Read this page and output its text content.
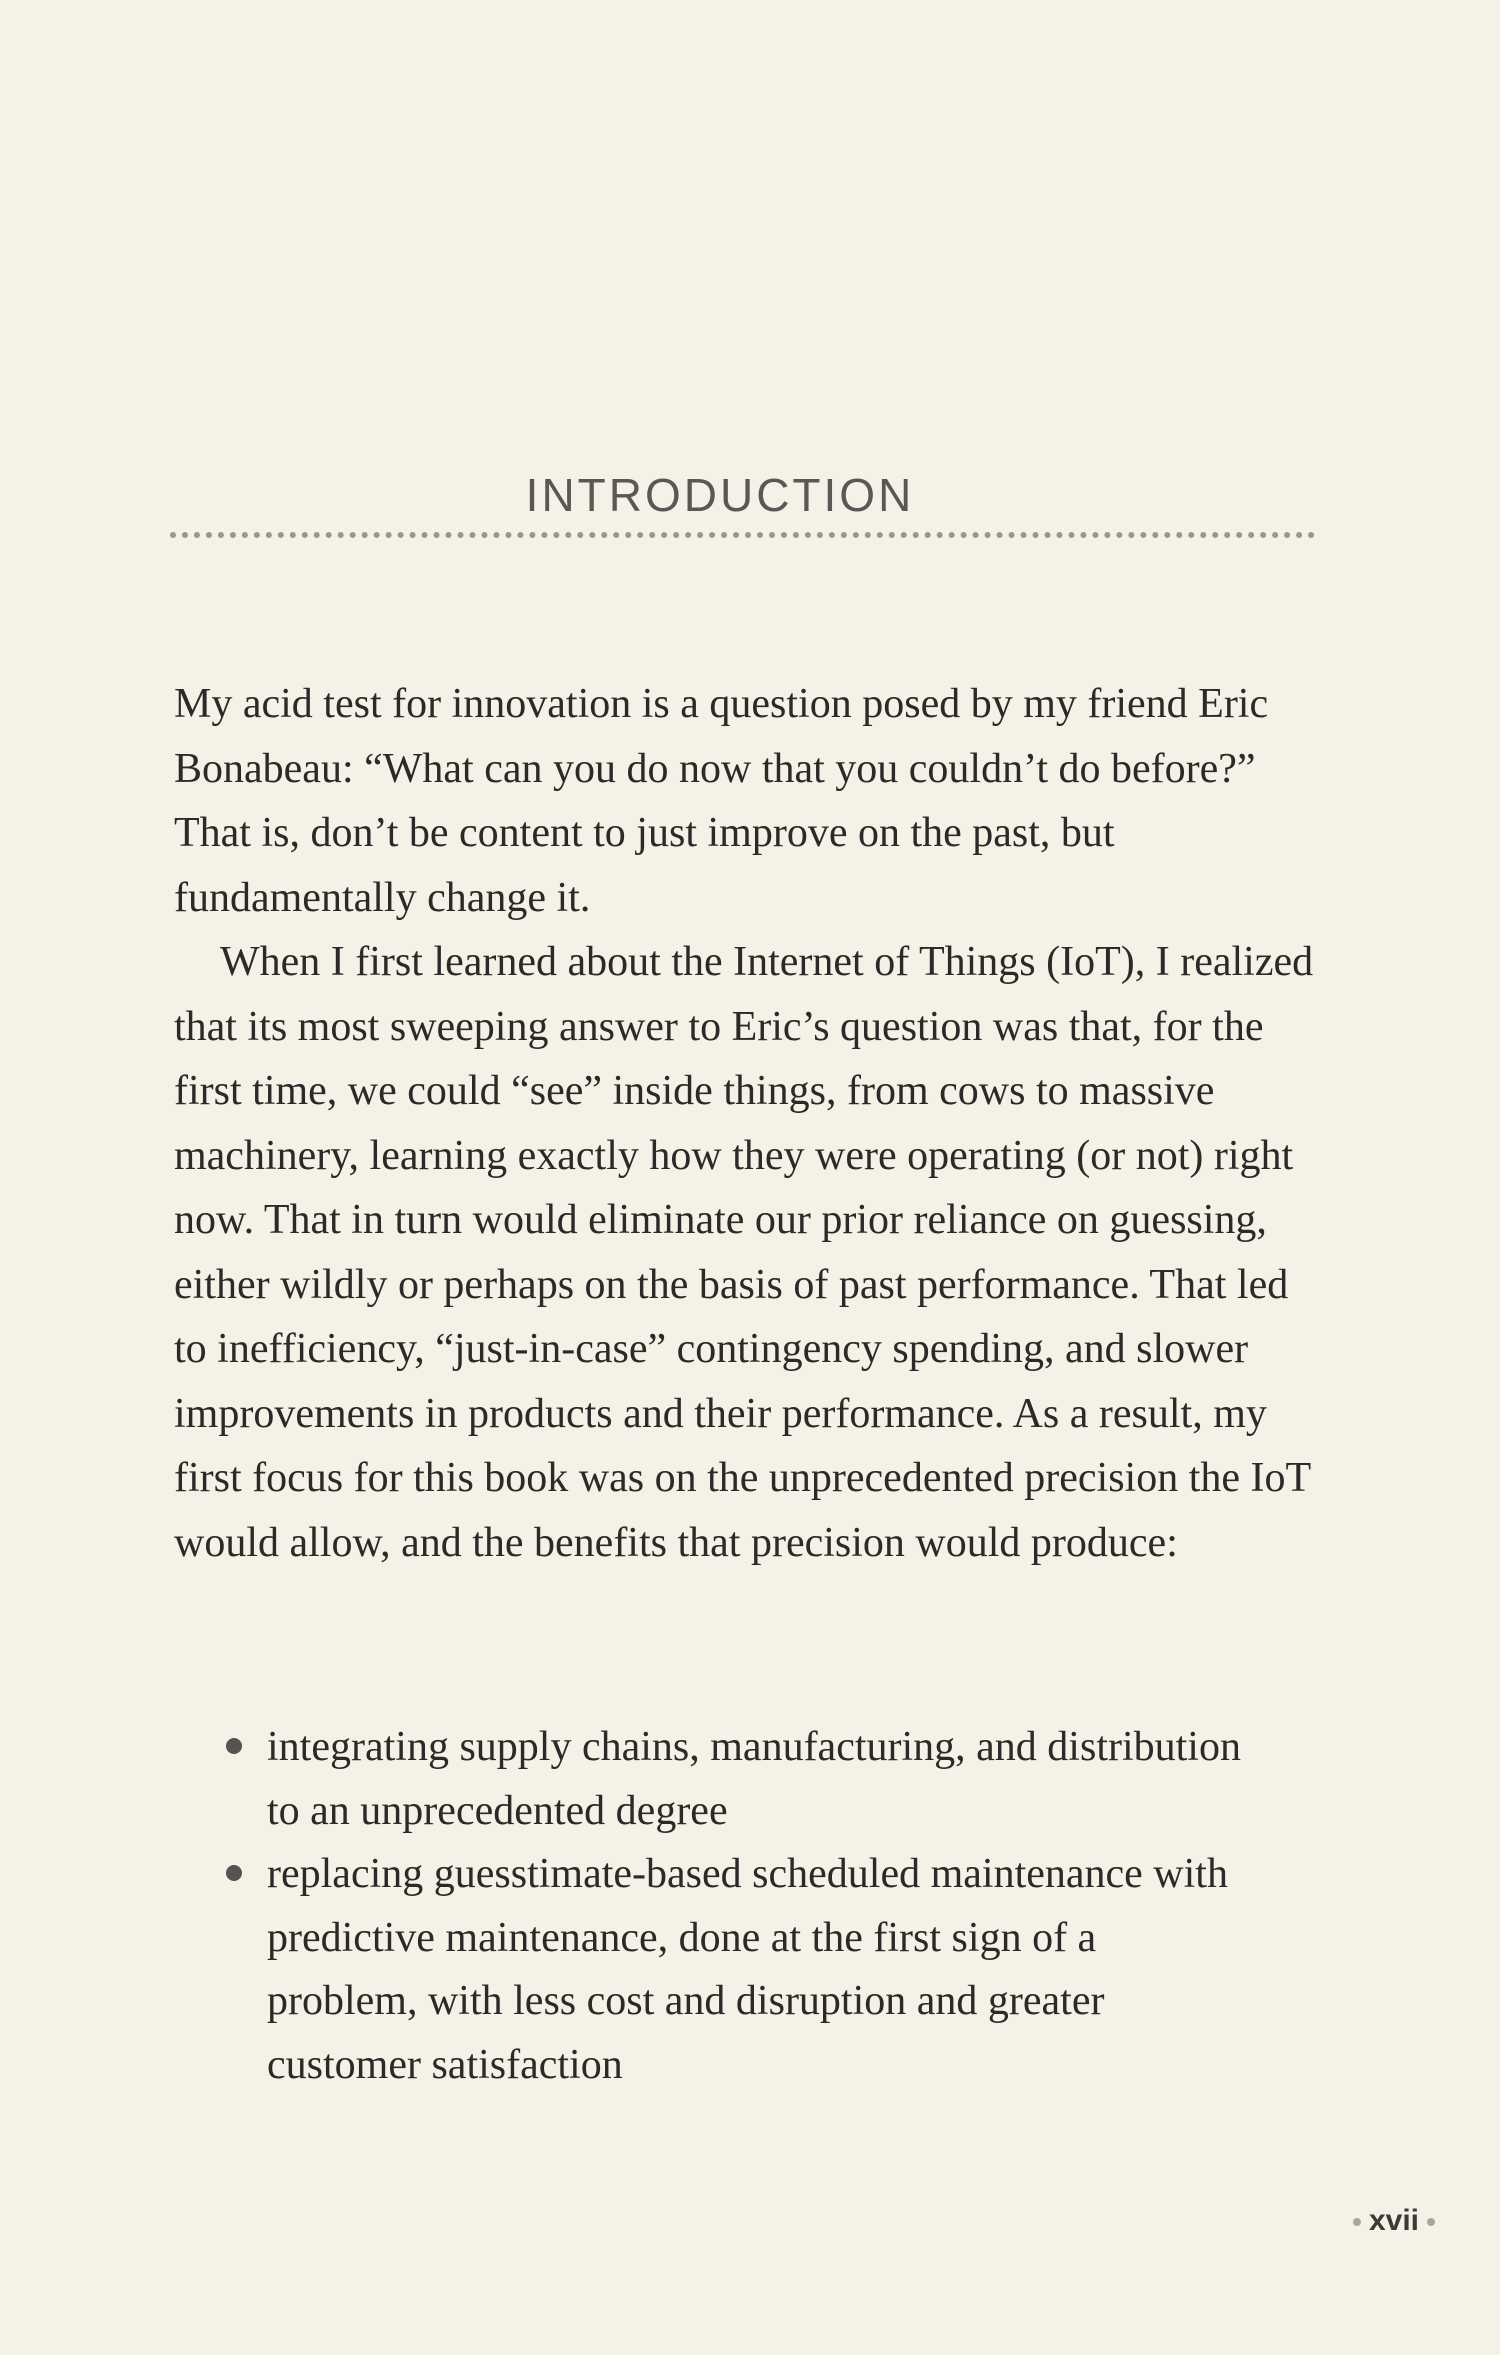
INTRODUCTION

My acid test for innovation is a question posed by my friend Eric Bonabeau: “What can you do now that you couldn’t do before?” That is, don’t be content to just improve on the past, but fundamentally change it.

When I first learned about the Internet of Things (IoT), I realized that its most sweeping answer to Eric’s question was that, for the first time, we could “see” inside things, from cows to massive machinery, learning exactly how they were operating (or not) right now. That in turn would eliminate our prior reliance on guessing, either wildly or perhaps on the basis of past performance. That led to inefficiency, “just-in-case” contingency spending, and slower improvements in products and their performance. As a result, my first focus for this book was on the unprecedented precision the IoT would allow, and the benefits that precision would produce:

integrating supply chains, manufacturing, and distribution to an unprecedented degree
replacing guesstimate-based scheduled maintenance with predictive maintenance, done at the first sign of a problem, with less cost and disruption and greater customer satisfaction
xvii
